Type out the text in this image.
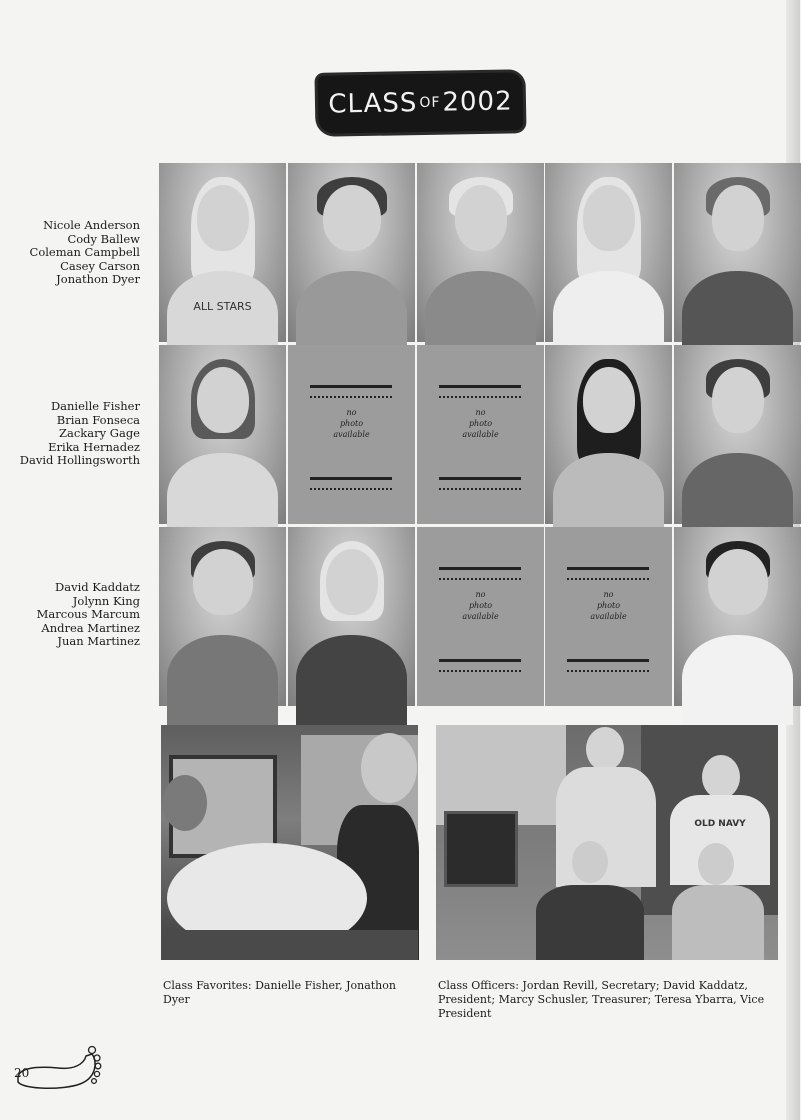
CLASS OF 2002
Nicole Anderson
Cody Ballew
Coleman Campbell
Casey Carson
Jonathon Dyer
Danielle Fisher
Brian Fonseca
Zackary Gage
Erika Hernadez
David Hollingsworth
David Kaddatz
Jolynn King
Marcous Marcum
Andrea Martinez
Juan Martinez
ALL STARS
no
photo
available
no
photo
available
no
photo
available
no
photo
available
OLD NAVY
Class Favorites: Danielle Fisher, Jonathon Dyer
Class Officers: Jordan Revill, Secretary; David Kaddatz, President; Marcy Schusler, Treasurer; Teresa Ybarra, Vice President
20
